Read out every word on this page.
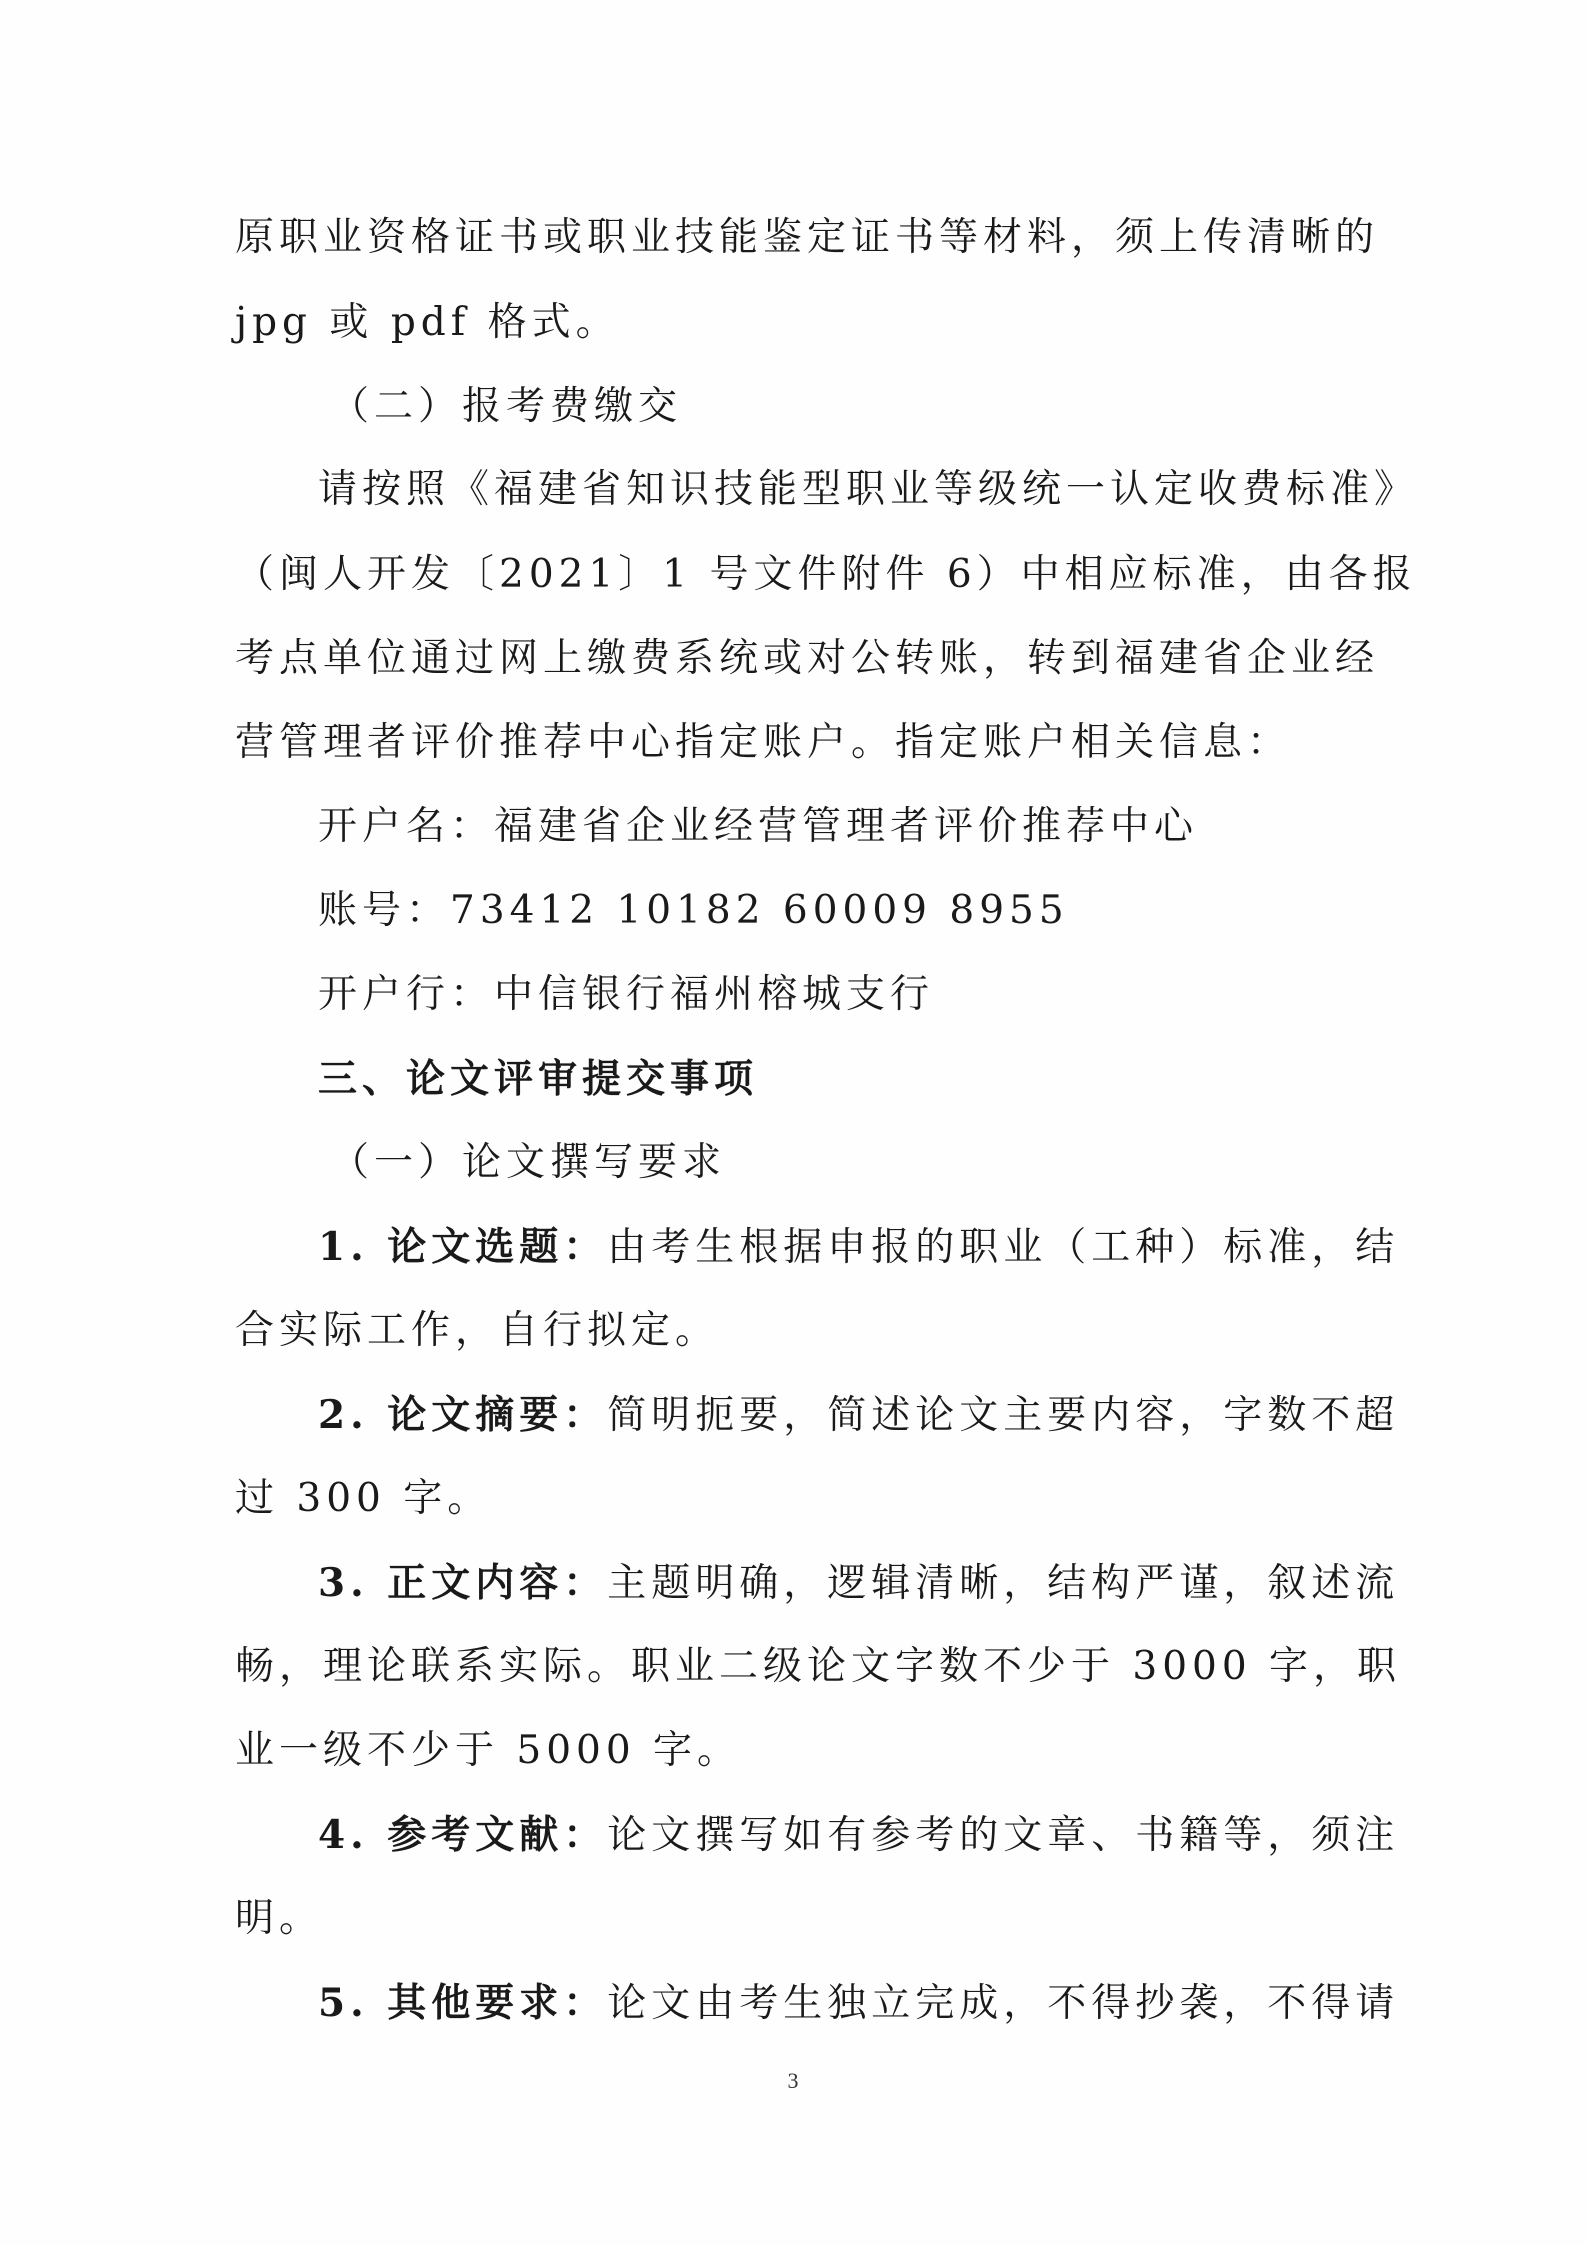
原职业资格证书或职业技能鉴定证书等材料，须上传清晰的
jpg 或 pdf 格式。
（二）报考费缴交
请按照《福建省知识技能型职业等级统一认定收费标准》
（闽人开发〔2021〕1 号文件附件 6）中相应标准，由各报
考点单位通过网上缴费系统或对公转账，转到福建省企业经
营管理者评价推荐中心指定账户。指定账户相关信息：
开户名：福建省企业经营管理者评价推荐中心
账号：73412 10182 60009 8955
开户行：中信银行福州榕城支行
三、论文评审提交事项
（一）论文撰写要求
1. 论文选题：由考生根据申报的职业（工种）标准，结
合实际工作，自行拟定。
2. 论文摘要：简明扼要，简述论文主要内容，字数不超
过 300 字。
3. 正文内容：主题明确，逻辑清晰，结构严谨，叙述流
畅，理论联系实际。职业二级论文字数不少于 3000 字，职
业一级不少于 5000 字。
4. 参考文献：论文撰写如有参考的文章、书籍等，须注
明。
5. 其他要求：论文由考生独立完成，不得抄袭，不得请
3
